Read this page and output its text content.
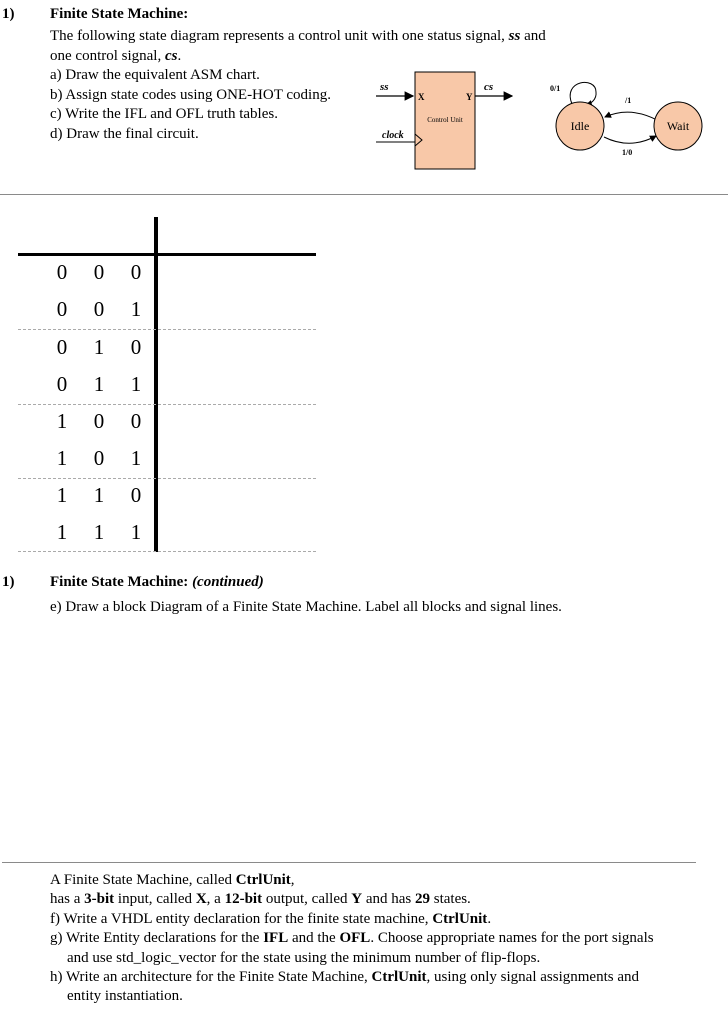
1) Finite State Machine:
The following state diagram represents a control unit with one status signal, ss and
one control signal, cs.
a) Draw the equivalent ASM chart.
b) Assign state codes using ONE-HOT coding.
c) Write the IFL and OFL truth tables.
d) Draw the final circuit.
ss
X	Y
cs
Control Unit
clock
0/1
/1
1/0
Idle	Wait
0 0 0
0 0 1
0 1 0
0 1 1
1 0 0
1 0 1
1 1 0
1 1 1
1) Finite State Machine: (continued)
e) Draw a block Diagram of a Finite State Machine. Label all blocks and signal lines.
A Finite State Machine, called CtrlUnit,
has a 3-bit input, called X, a 12-bit output, called Y and has 29 states.
f) Write a VHDL entity declaration for the finite state machine, CtrlUnit.
g) Write Entity declarations for the IFL and the OFL. Choose appropriate names for the port signals
and use std_logic_vector for the state using the minimum number of flip-flops.
h) Write an architecture for the Finite State Machine, CtrlUnit, using only signal assignments and
entity instantiation.
